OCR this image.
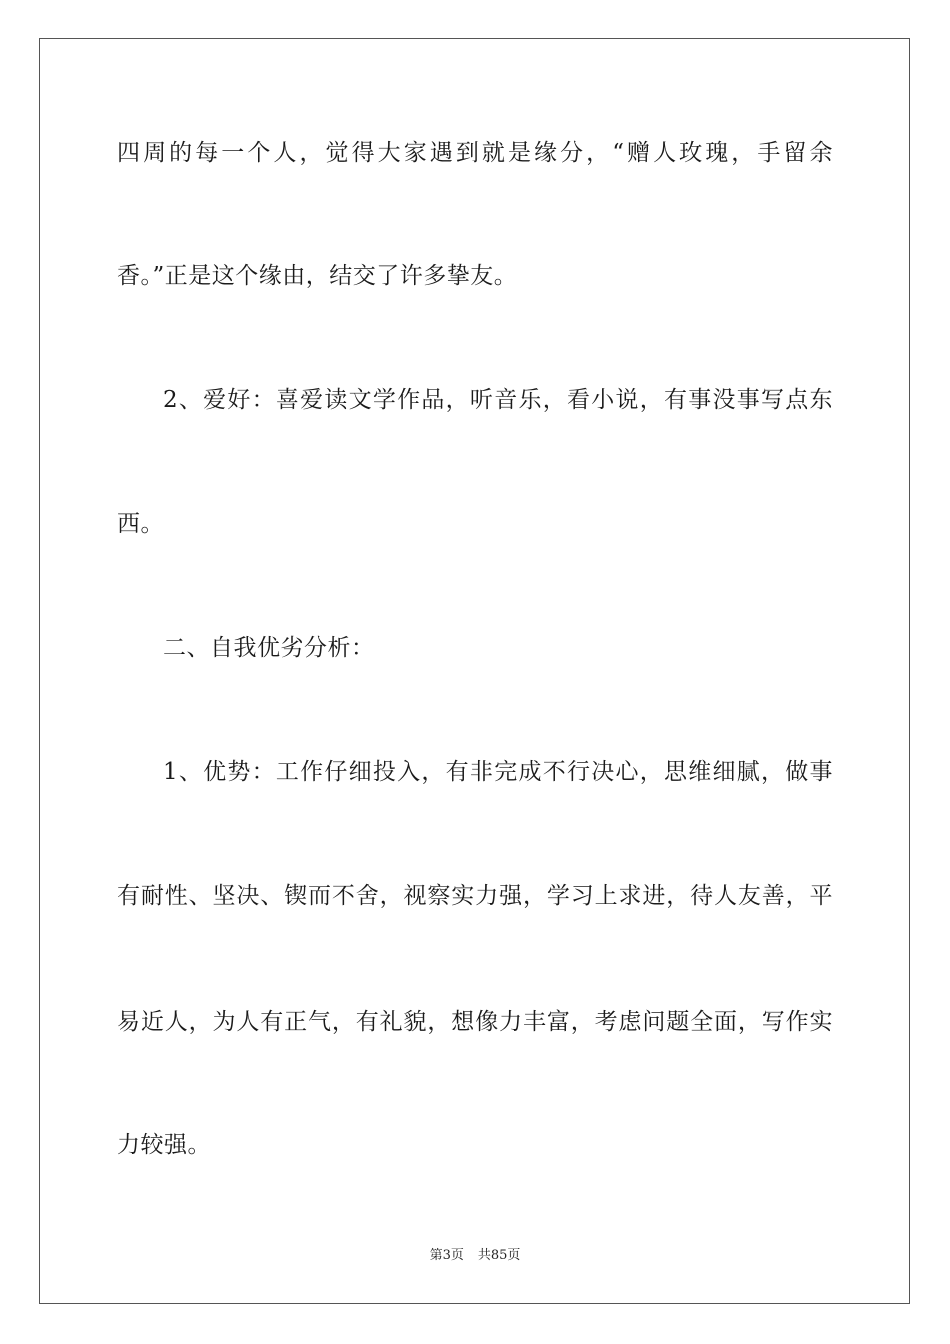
四周的每一个人，觉得大家遇到就是缘分，“赠人玫瑰，手留余
香。”正是这个缘由，结交了许多挚友。
2、爱好：喜爱读文学作品，听音乐，看小说，有事没事写点东
西。
二、自我优劣分析：
1、优势：工作仔细投入，有非完成不行决心，思维细腻，做事
有耐性、坚决、锲而不舍，视察实力强，学习上求进，待人友善，平
易近人，为人有正气，有礼貌，想像力丰富，考虑问题全面，写作实
力较强。
第3页 共85页
